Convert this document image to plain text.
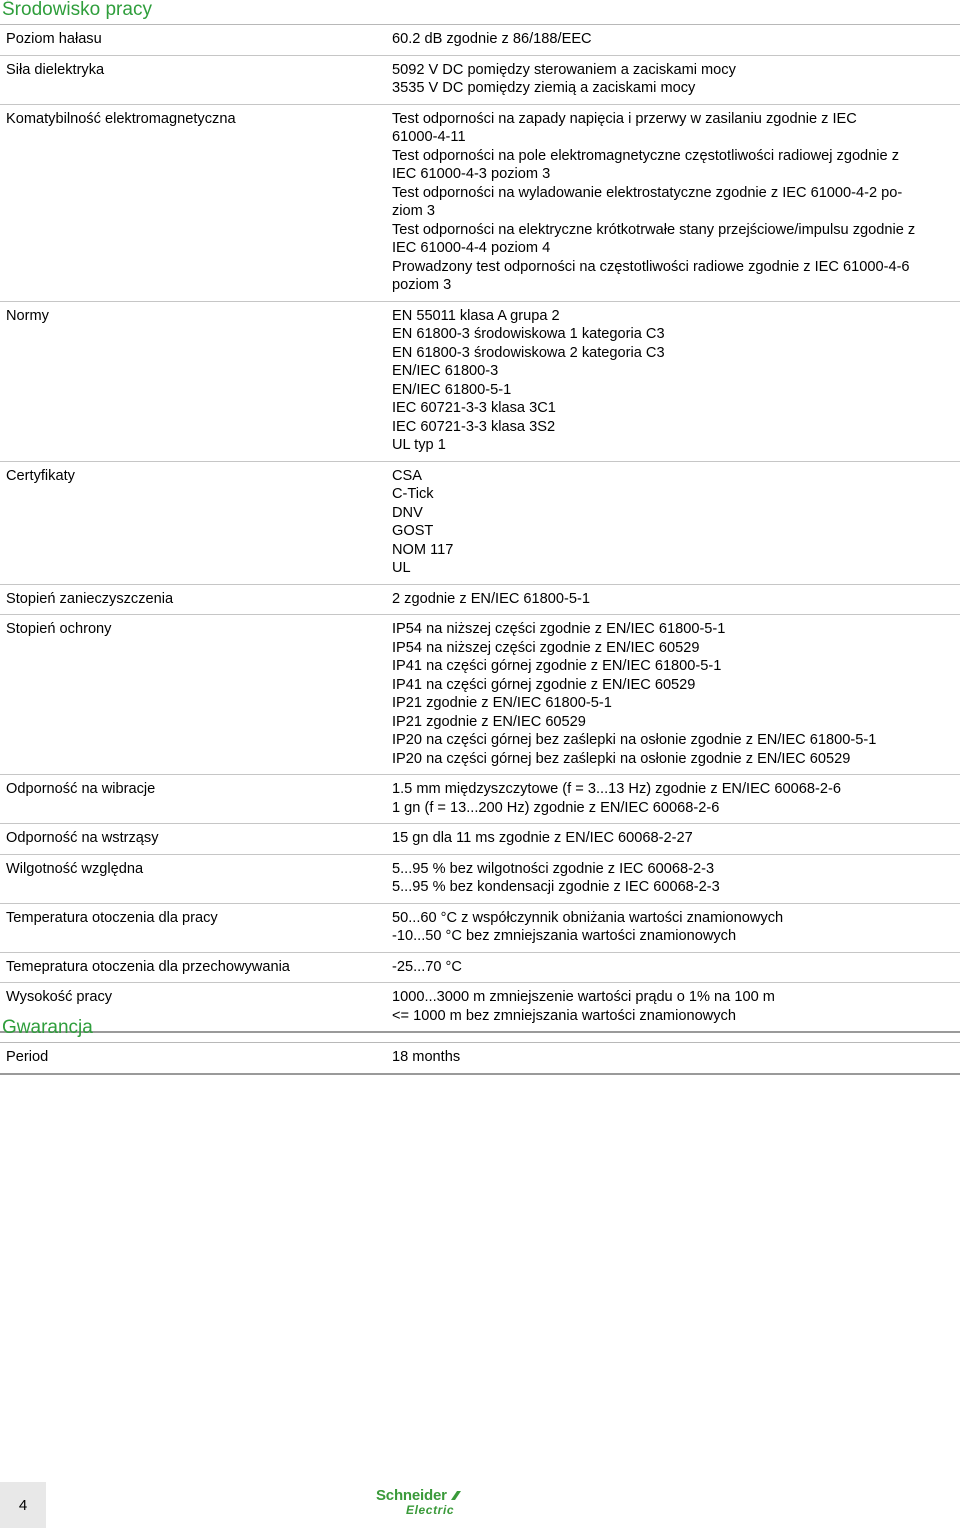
Środowisko pracy
Poziom hałasu	60.2 dB zgodnie z 86/188/EEC
Siła dielektryka	5092 V DC pomiędzy sterowaniem a zaciskami mocy
3535 V DC pomiędzy ziemią a zaciskami mocy
Komatybilność elektromagnetyczna	Test odporności na zapady napięcia i przerwy w zasilaniu zgodnie z IEC
61000-4-11
Test odporności na pole elektromagnetyczne częstotliwości radiowej zgodnie z
IEC 61000-4-3 poziom 3
Test odporności na wyladowanie elektrostatyczne zgodnie z IEC 61000-4-2 po-
ziom 3
Test odporności na elektryczne krótkotrwałe stany przejściowe/impulsu zgodnie z
IEC 61000-4-4 poziom 4
Prowadzony test odporności na częstotliwości radiowe zgodnie z IEC 61000-4-6
poziom 3
Normy	EN 55011 klasa A grupa 2
EN 61800-3 środowiskowa 1 kategoria C3
EN 61800-3 środowiskowa 2 kategoria C3
EN/IEC 61800-3
EN/IEC 61800-5-1
IEC 60721-3-3 klasa 3C1
IEC 60721-3-3 klasa 3S2
UL typ 1
Certyfikaty	CSA
C-Tick
DNV
GOST
NOM 117
UL
Stopień zanieczyszczenia	2 zgodnie z EN/IEC 61800-5-1
Stopień ochrony	IP54 na niższej części zgodnie z EN/IEC 61800-5-1
IP54 na niższej części zgodnie z EN/IEC 60529
IP41 na części górnej zgodnie z EN/IEC 61800-5-1
IP41 na części górnej zgodnie z EN/IEC 60529
IP21 zgodnie z EN/IEC 61800-5-1
IP21 zgodnie z EN/IEC 60529
IP20 na części górnej bez zaślepki na osłonie zgodnie z EN/IEC 61800-5-1
IP20 na części górnej bez zaślepki na osłonie zgodnie z EN/IEC 60529
Odporność na wibracje	1.5 mm międzyszczytowe (f = 3...13 Hz) zgodnie z EN/IEC 60068-2-6
1 gn (f = 13...200 Hz) zgodnie z EN/IEC 60068-2-6
Odporność na wstrząsy	15 gn dla 11 ms zgodnie z EN/IEC 60068-2-27
Wilgotność względna	5...95 % bez wilgotności zgodnie z IEC 60068-2-3
5...95 % bez kondensacji zgodnie z IEC 60068-2-3
Temperatura otoczenia dla pracy	50...60 °C z współczynnik obniżania wartości znamionowych
-10...50 °C bez zmniejszania wartości znamionowych
Temepratura otoczenia dla przechowywania	-25...70 °C
Wysokość pracy	1000...3000 m zmniejszenie wartości prądu o 1% na 100 m
<= 1000 m bez zmniejszania wartości znamionowych
Gwarancja
Period	18 months
4
Schneider
Electric
